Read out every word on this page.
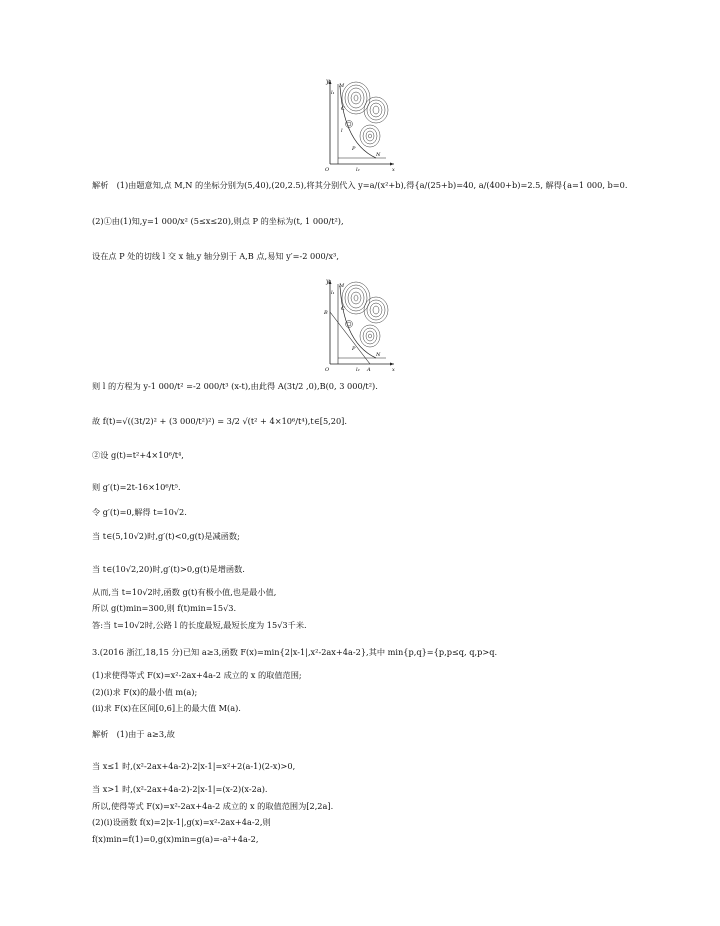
y
l₁
M
C
l
P
N
O	l₂	x
解析　(1)由题意知,点 M,N 的坐标分别为(5,40),(20,2.5),将其分别代入 y=a/(x²+b),得{a/(25+b)=40, a/(400+b)=2.5, 解得{a=1 000, b=0.
(2)①由(1)知,y=1 000/x² (5≤x≤20),则点 P 的坐标为(t, 1 000/t²),
设在点 P 处的切线 l 交 x 轴,y 轴分别于 A,B 点,易知 y′=-2 000/x³,
y
l₁
M
B
C
P
N
O	l₂ A	x
则 l 的方程为 y-1 000/t² =-2 000/t³ (x-t),由此得 A(3t/2 ,0),B(0, 3 000/t²).
故 f(t)=√((3t/2)² + (3 000/t²)²) = 3/2 √(t² + 4×10⁶/t⁴),t∈[5,20].
②设 g(t)=t²+4×10⁶/t⁴,
则 g′(t)=2t-16×10⁶/t⁵.
令 g′(t)=0,解得 t=10√2.
当 t∈(5,10√2)时,g′(t)<0,g(t)是减函数;
当 t∈(10√2,20)时,g′(t)>0,g(t)是增函数.
从而,当 t=10√2时,函数 g(t)有极小值,也是最小值,
所以 g(t)min=300,则 f(t)min=15√3.
答:当 t=10√2时,公路 l 的长度最短,最短长度为 15√3千米.
3.(2016 浙江,18,15 分)已知 a≥3,函数 F(x)=min{2|x-1|,x²-2ax+4a-2},其中 min{p,q}={p,p≤q, q,p>q.
(1)求使得等式 F(x)=x²-2ax+4a-2 成立的 x 的取值范围;
(2)(i)求 F(x)的最小值 m(a);
(ii)求 F(x)在区间[0,6]上的最大值 M(a).
解析　(1)由于 a≥3,故
当 x≤1 时,(x²-2ax+4a-2)-2|x-1|=x²+2(a-1)(2-x)>0,
当 x>1 时,(x²-2ax+4a-2)-2|x-1|=(x-2)(x-2a).
所以,使得等式 F(x)=x²-2ax+4a-2 成立的 x 的取值范围为[2,2a].
(2)(i)设函数 f(x)=2|x-1|,g(x)=x²-2ax+4a-2,则
f(x)min=f(1)=0,g(x)min=g(a)=-a²+4a-2,
